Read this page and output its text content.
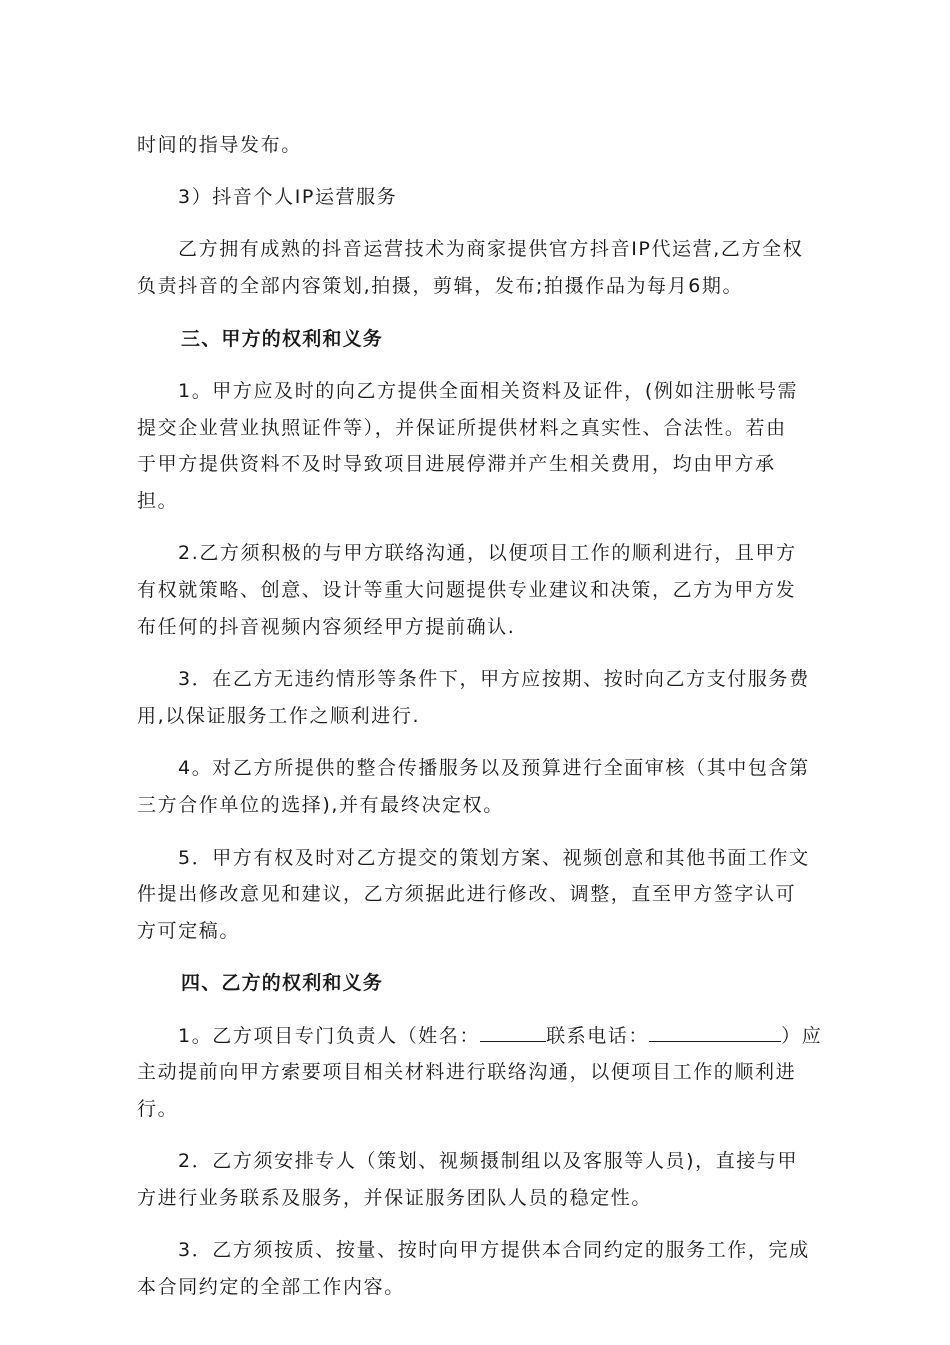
时间的指导发布。
3）抖音个人IP运营服务
乙方拥有成熟的抖音运营技术为商家提供官方抖音IP代运营,乙方全权
负责抖音的全部内容策划,拍摄，剪辑，发布;拍摄作品为每月6期。
三、甲方的权利和义务
1。甲方应及时的向乙方提供全面相关资料及证件，(例如注册帐号需
提交企业营业执照证件等），并保证所提供材料之真实性、合法性。若由
于甲方提供资料不及时导致项目进展停滞并产生相关费用，均由甲方承
担。
2.乙方须积极的与甲方联络沟通，以便项目工作的顺利进行，且甲方
有权就策略、创意、设计等重大问题提供专业建议和决策，乙方为甲方发
布任何的抖音视频内容须经甲方提前确认.
3．在乙方无违约情形等条件下，甲方应按期、按时向乙方支付服务费
用,以保证服务工作之顺利进行.
4。对乙方所提供的整合传播服务以及预算进行全面审核（其中包含第
三方合作单位的选择),并有最终决定权。
5．甲方有权及时对乙方提交的策划方案、视频创意和其他书面工作文
件提出修改意见和建议，乙方须据此进行修改、调整，直至甲方签字认可
方可定稿。
四、乙方的权利和义务
1。乙方项目专门负责人（姓名：	联系电话：	）应
主动提前向甲方索要项目相关材料进行联络沟通，以便项目工作的顺利进
行。
2．乙方须安排专人（策划、视频摄制组以及客服等人员)，直接与甲
方进行业务联系及服务，并保证服务团队人员的稳定性。
3．乙方须按质、按量、按时向甲方提供本合同约定的服务工作，完成
本合同约定的全部工作内容。
